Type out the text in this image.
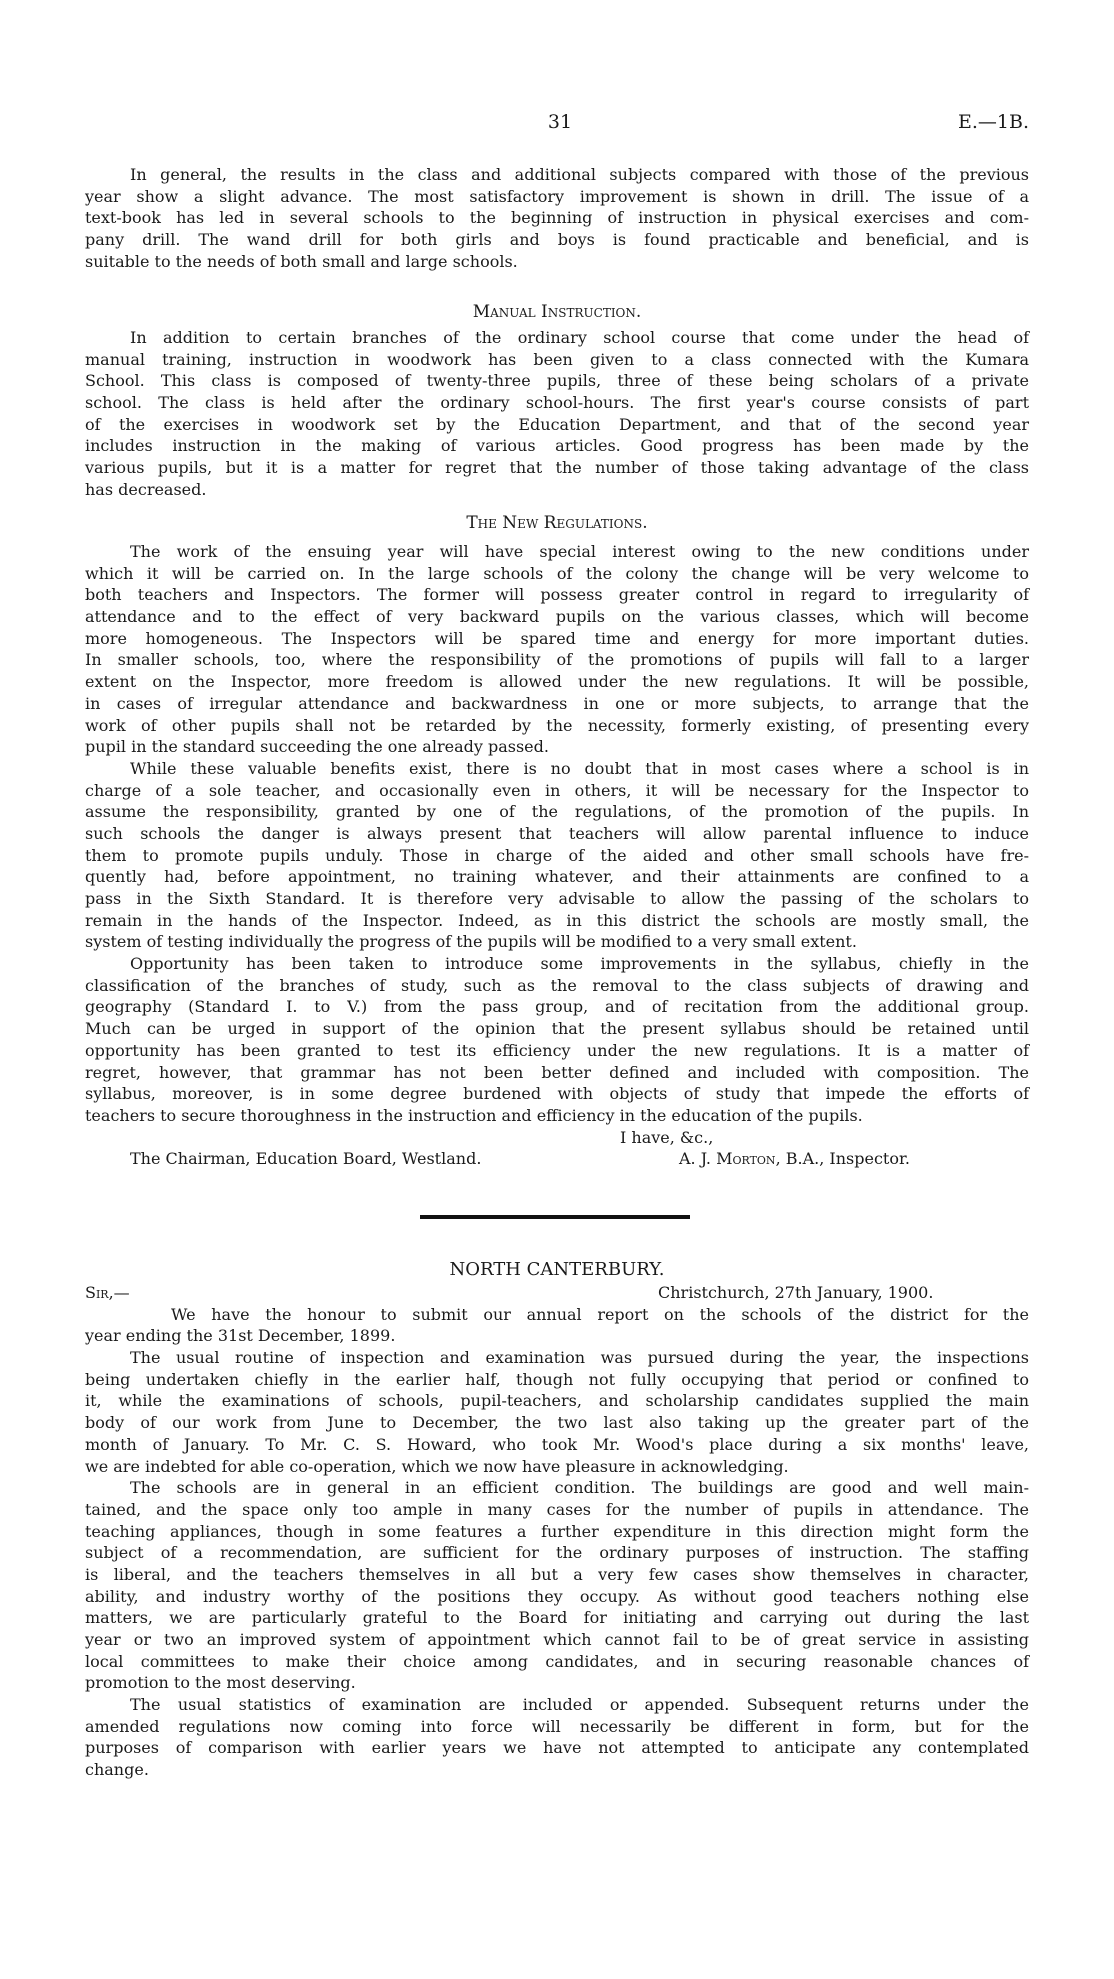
31	E.—1B.
In general, the results in the class and additional subjects compared with those of the previous
year show a slight advance. The most satisfactory improvement is shown in drill. The issue of a
text-book has led in several schools to the beginning of instruction in physical exercises and com-
pany drill. The wand drill for both girls and boys is found practicable and beneficial, and is
suitable to the needs of both small and large schools.
Manual Instruction.
In addition to certain branches of the ordinary school course that come under the head of
manual training, instruction in woodwork has been given to a class connected with the Kumara
School. This class is composed of twenty-three pupils, three of these being scholars of a private
school. The class is held after the ordinary school-hours. The first year's course consists of part
of the exercises in woodwork set by the Education Department, and that of the second year
includes instruction in the making of various articles. Good progress has been made by the
various pupils, but it is a matter for regret that the number of those taking advantage of the class
has decreased.
The New Regulations.
The work of the ensuing year will have special interest owing to the new conditions under
which it will be carried on. In the large schools of the colony the change will be very welcome to
both teachers and Inspectors. The former will possess greater control in regard to irregularity of
attendance and to the effect of very backward pupils on the various classes, which will become
more homogeneous. The Inspectors will be spared time and energy for more important duties.
In smaller schools, too, where the responsibility of the promotions of pupils will fall to a larger
extent on the Inspector, more freedom is allowed under the new regulations. It will be possible,
in cases of irregular attendance and backwardness in one or more subjects, to arrange that the
work of other pupils shall not be retarded by the necessity, formerly existing, of presenting every
pupil in the standard succeeding the one already passed.
While these valuable benefits exist, there is no doubt that in most cases where a school is in
charge of a sole teacher, and occasionally even in others, it will be necessary for the Inspector to
assume the responsibility, granted by one of the regulations, of the promotion of the pupils. In
such schools the danger is always present that teachers will allow parental influence to induce
them to promote pupils unduly. Those in charge of the aided and other small schools have fre-
quently had, before appointment, no training whatever, and their attainments are confined to a
pass in the Sixth Standard. It is therefore very advisable to allow the passing of the scholars to
remain in the hands of the Inspector. Indeed, as in this district the schools are mostly small, the
system of testing individually the progress of the pupils will be modified to a very small extent.
Opportunity has been taken to introduce some improvements in the syllabus, chiefly in the
classification of the branches of study, such as the removal to the class subjects of drawing and
geography (Standard I. to V.) from the pass group, and of recitation from the additional group.
Much can be urged in support of the opinion that the present syllabus should be retained until
opportunity has been granted to test its efficiency under the new regulations. It is a matter of
regret, however, that grammar has not been better defined and included with composition. The
syllabus, moreover, is in some degree burdened with objects of study that impede the efforts of
teachers to secure thoroughness in the instruction and efficiency in the education of the pupils.
I have, &c.,
The Chairman, Education Board, Westland.	A. J. Morton, B.A., Inspector.
NORTH CANTERBURY.
Sir,—	Christchurch, 27th January, 1900.
We have the honour to submit our annual report on the schools of the district for the
year ending the 31st December, 1899.
The usual routine of inspection and examination was pursued during the year, the inspections
being undertaken chiefly in the earlier half, though not fully occupying that period or confined to
it, while the examinations of schools, pupil-teachers, and scholarship candidates supplied the main
body of our work from June to December, the two last also taking up the greater part of the
month of January. To Mr. C. S. Howard, who took Mr. Wood's place during a six months' leave,
we are indebted for able co-operation, which we now have pleasure in acknowledging.
The schools are in general in an efficient condition. The buildings are good and well main-
tained, and the space only too ample in many cases for the number of pupils in attendance. The
teaching appliances, though in some features a further expenditure in this direction might form the
subject of a recommendation, are sufficient for the ordinary purposes of instruction. The staffing
is liberal, and the teachers themselves in all but a very few cases show themselves in character,
ability, and industry worthy of the positions they occupy. As without good teachers nothing else
matters, we are particularly grateful to the Board for initiating and carrying out during the last
year or two an improved system of appointment which cannot fail to be of great service in assisting
local committees to make their choice among candidates, and in securing reasonable chances of
promotion to the most deserving.
The usual statistics of examination are included or appended. Subsequent returns under the
amended regulations now coming into force will necessarily be different in form, but for the
purposes of comparison with earlier years we have not attempted to anticipate any contemplated
change.
